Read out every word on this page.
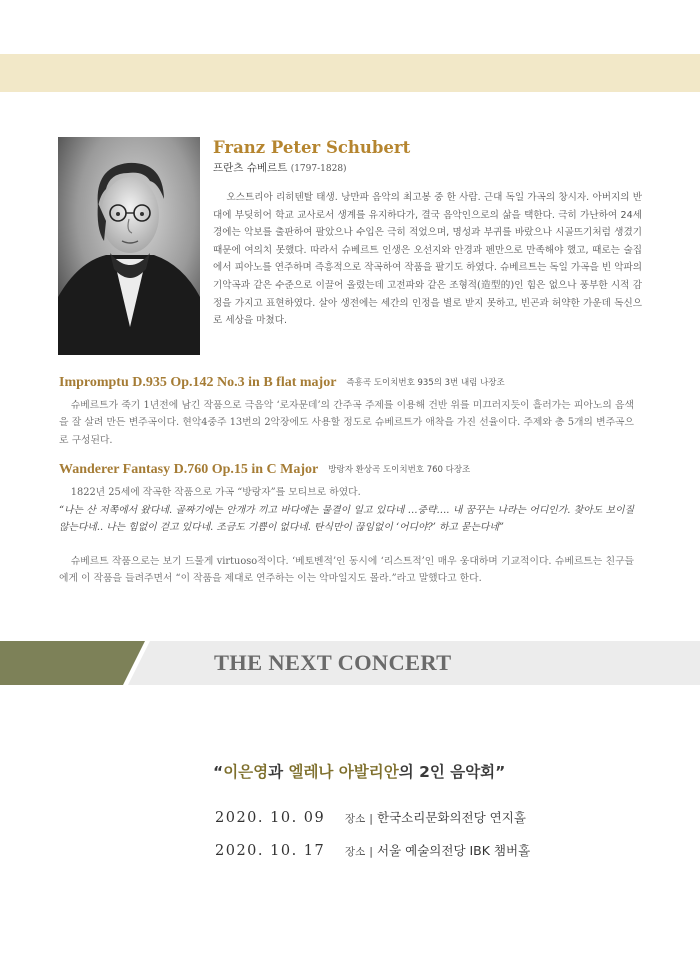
Franz Peter Schubert

프란츠 슈베르트 (1797-1828)

오스트리아 리히텐탈 태생. 낭만파 음악의 최고봉 중 한 사람. 근대 독일 가곡의 창시자. 아버지의 반대에 부딪히어 학교 교사로서 생계를 유지하다가, 결국 음악인으로의 삶을 택한다. 극히 가난하여 24세경에는 악보를 출판하여 팔았으나 수입은 극히 적었으며, 명성과 부귀를 바랐으나 시골뜨기처럼 생겼기 때문에 여의치 못했다. 따라서 슈베르트 인생은 오선지와 안경과 펜만으로 만족해야 했고, 때로는 술집에서 피아노를 연주하며 즉흥적으로 작곡하여 작품을 팔기도 하였다. 슈베르트는 독일 가곡을 빈 악파의 기악곡과 같은 수준으로 이끌어 올렸는데 고전파와 같은 조형적(造型的)인 힘은 없으나 풍부한 시적 감정을 가지고 표현하였다. 살아 생전에는 세간의 인정을 별로 받지 못하고, 빈곤과 허약한 가운데 독신으로 세상을 마쳤다.

Impromptu D.935 Op.142 No.3 in B flat major 즉흥곡 도이치번호 935의 3번 내림 나장조

슈베르트가 죽기 1년전에 남긴 작품으로 극음악 ‘로자문데’의 간주곡 주제를 이용해 건반 위를 미끄러지듯이 흘러가는 피아노의 음색을 잘 살려 만든 변주곡이다. 현악4중주 13번의 2악장에도 사용할 정도로 슈베르트가 애착을 가진 선율이다. 주제와 총 5개의 변주곡으로 구성된다.

Wanderer Fantasy D.760 Op.15 in C Major 방랑자 환상곡 도이치번호 760 다장조

1822년 25세에 작곡한 작품으로 가곡 “방랑자”를 모티브로 하였다.

“나는 산 저쪽에서 왔다네. 골짜기에는 안개가 끼고 바다에는 물결이 일고 있다네 …중략…. 내 꿈꾸는 나라는 어디인가. 찾아도 보이질 않는다네.. 나는 힘없이 걷고 있다네. 조금도 기쁨이 없다네. 탄식만이 끊임없이 ‘어디야?’ 하고 묻는다네”

슈베르트 작품으로는 보기 드물게 virtuoso적이다. ‘베토벤적’인 동시에 ‘리스트적’인 매우 웅대하며 기교적이다. 슈베르트는 친구들에게 이 작품을 들려주면서 “이 작품을 제대로 연주하는 이는 악마일지도 몰라.”라고 말했다고 한다.

THE NEXT CONCERT
“이은영과 엘레나 아발리안의 2인 음악회”

2020. 10. 09 장소 | 한국소리문화의전당 연지홀

2020. 10. 17 장소 | 서울 예술의전당 IBK 챔버홀
